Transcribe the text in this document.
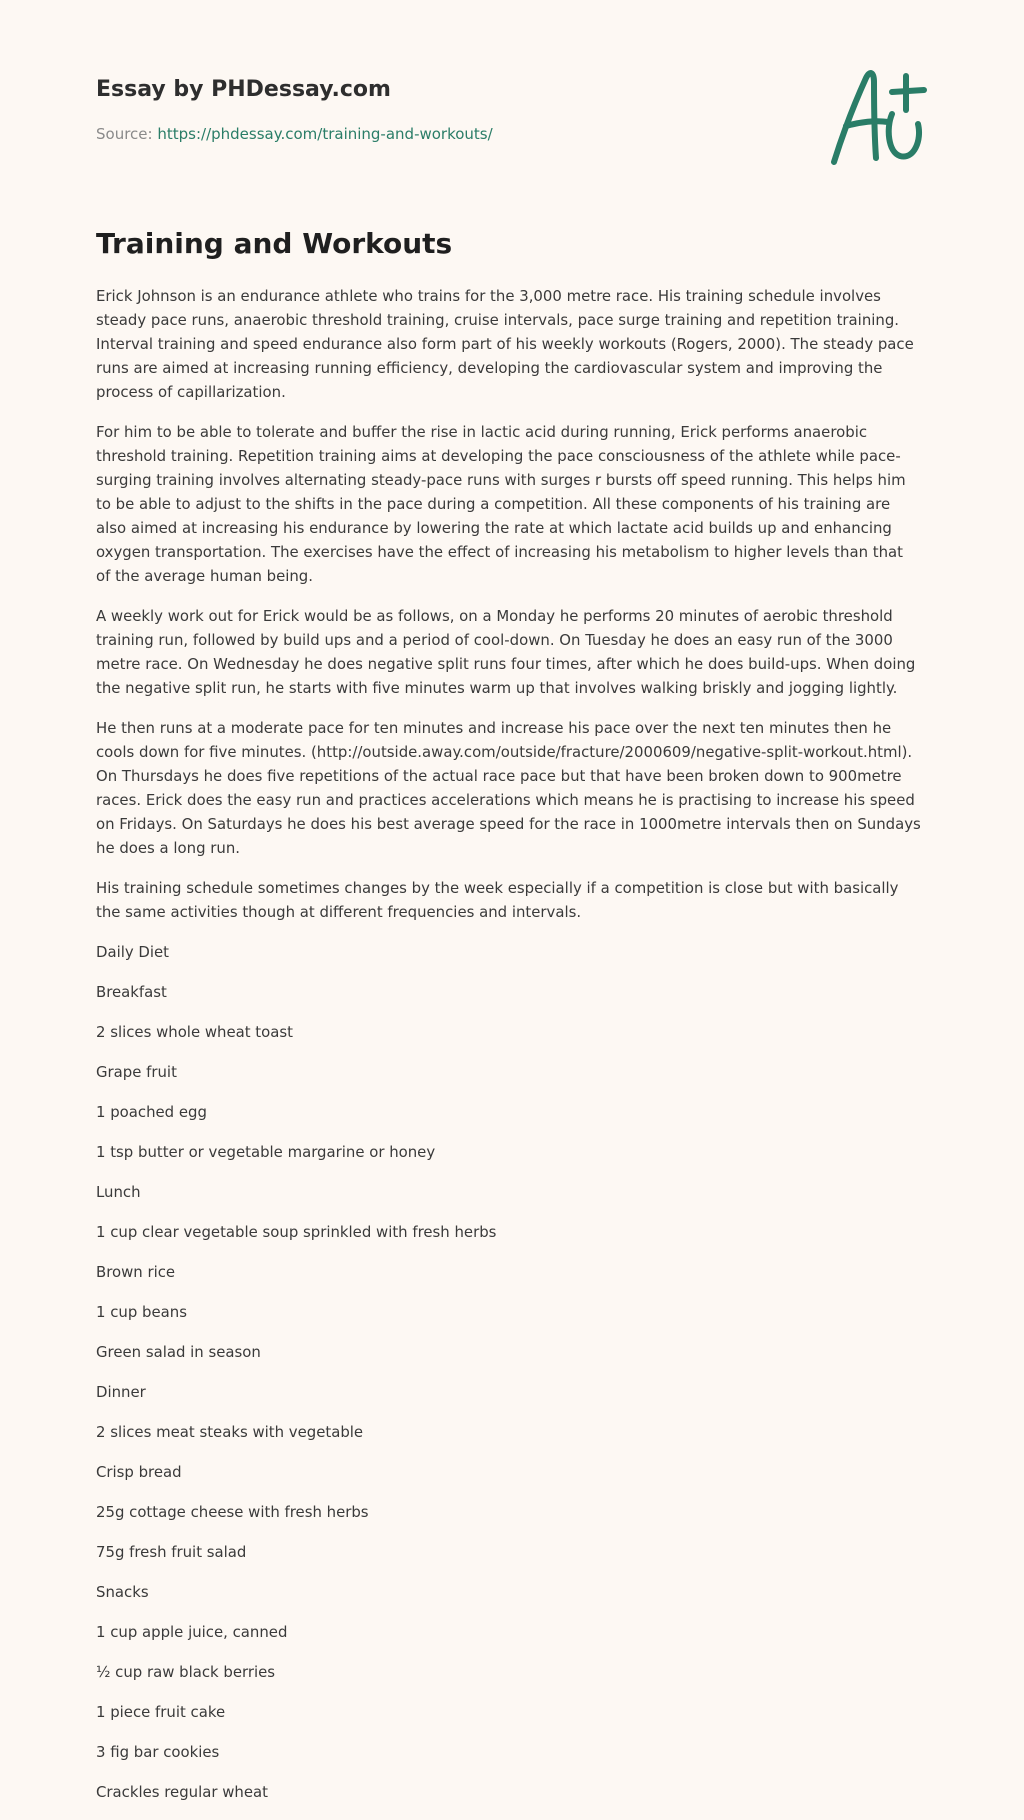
Essay by PHDessay.com

Source: https://phdessay.com/training-and-workouts/

Training and Workouts

Erick Johnson is an endurance athlete who trains for the 3,000 metre race. His training schedule involves steady pace runs, anaerobic threshold training, cruise intervals, pace surge training and repetition training. Interval training and speed endurance also form part of his weekly workouts (Rogers, 2000). The steady pace runs are aimed at increasing running efficiency, developing the cardiovascular system and improving the process of capillarization.

For him to be able to tolerate and buffer the rise in lactic acid during running, Erick performs anaerobic threshold training. Repetition training aims at developing the pace consciousness of the athlete while pace-surging training involves alternating steady-pace runs with surges r bursts off speed running. This helps him to be able to adjust to the shifts in the pace during a competition. All these components of his training are also aimed at increasing his endurance by lowering the rate at which lactate acid builds up and enhancing oxygen transportation. The exercises have the effect of increasing his metabolism to higher levels than that of the average human being.

A weekly work out for Erick would be as follows, on a Monday he performs 20 minutes of aerobic threshold training run, followed by build ups and a period of cool-down. On Tuesday he does an easy run of the 3000 metre race. On Wednesday he does negative split runs four times, after which he does build-ups. When doing the negative split run, he starts with five minutes warm up that involves walking briskly and jogging lightly.

He then runs at a moderate pace for ten minutes and increase his pace over the next ten minutes then he cools down for five minutes. (http://outside.away.com/outside/fracture/2000609/negative-split-workout.html). On Thursdays he does five repetitions of the actual race pace but that have been broken down to 900metre races. Erick does the easy run and practices accelerations which means he is practising to increase his speed on Fridays. On Saturdays he does his best average speed for the race in 1000metre intervals then on Sundays he does a long run.

His training schedule sometimes changes by the week especially if a competition is close but with basically the same activities though at different frequencies and intervals.

Daily Diet

Breakfast

2 slices whole wheat toast

Grape fruit

1 poached egg

1 tsp butter or vegetable margarine or honey

Lunch

1 cup clear vegetable soup sprinkled with fresh herbs

Brown rice

1 cup beans

Green salad in season

Dinner

2 slices meat steaks with vegetable

Crisp bread

25g cottage cheese with fresh herbs

75g fresh fruit salad

Snacks

1 cup apple juice, canned

½ cup raw black berries

1 piece fruit cake

3 fig bar cookies

Crackles regular wheat
